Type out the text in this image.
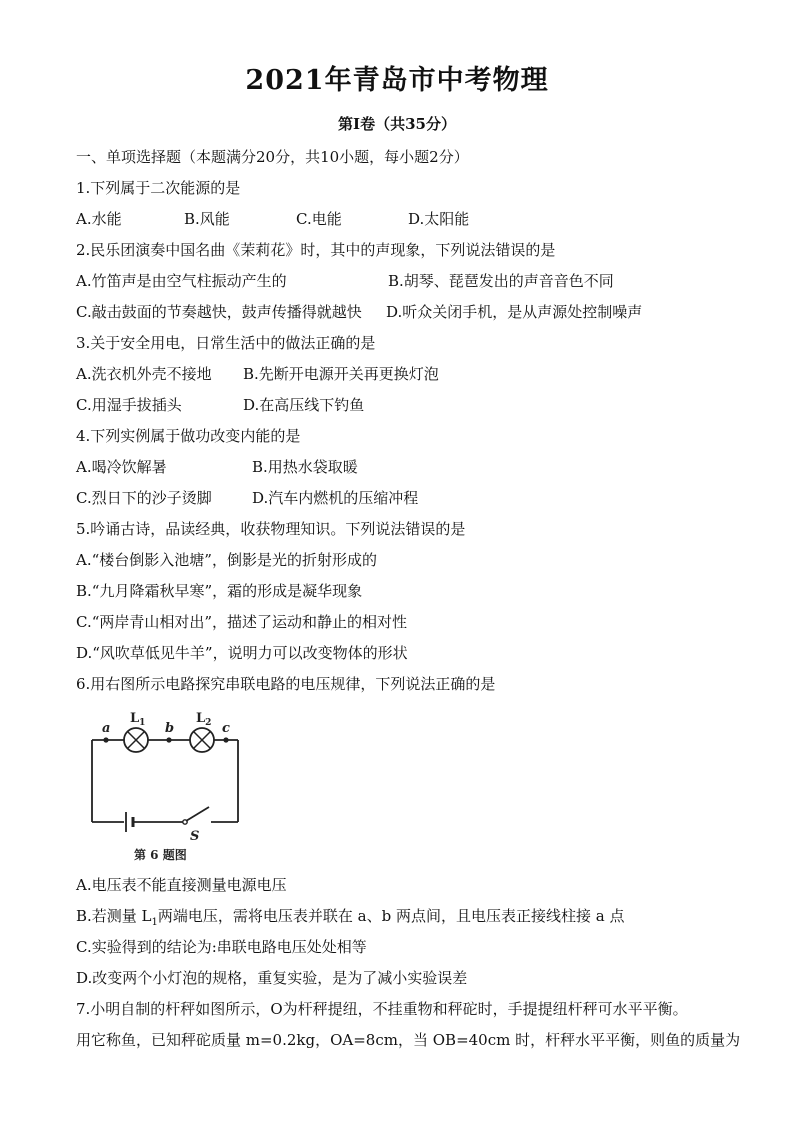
2021年青岛市中考物理
第I卷（共35分）
一、单项选择题（本题满分20分，共10小题，每小题2分）
1.下列属于二次能源的是
A.水能	B.风能	C.电能	D.太阳能
2.民乐团演奏中国名曲《茉莉花》时，其中的声现象，下列说法错误的是
A.竹笛声是由空气柱振动产生的	B.胡琴、琵琶发出的声音音色不同
C.敲击鼓面的节奏越快，鼓声传播得就越快 D.听众关闭手机，是从声源处控制噪声
3.关于安全用电，日常生活中的做法正确的是
A.洗衣机外壳不接地 B.先断开电源开关再更换灯泡
C.用湿手拔插头	D.在高压线下钓鱼
4.下列实例属于做功改变内能的是
A.喝冷饮解暑	B.用热水袋取暖
C.烈日下的沙子烫脚	D.汽车内燃机的压缩冲程
5.吟诵古诗，品读经典，收获物理知识。下列说法错误的是
A.“楼台倒影入池塘”，倒影是光的折射形成的
B.“九月降霜秋早寒”，霜的形成是凝华现象
C.“两岸青山相对出”，描述了运动和静止的相对性
D.“风吹草低见牛羊”，说明力可以改变物体的形状
6.用右图所示电路探究串联电路的电压规律，下列说法正确的是
$L_1$	$L_2$
a	b	c
S
第 6 题图
A.电压表不能直接测量电源电压
B.若测量 $L_1$两端电压，需将电压表并联在 a、b 两点间，且电压表正接线柱接 a 点
C.实验得到的结论为:串联电路电压处处相等
D.改变两个小灯泡的规格，重复实验，是为了减小实验误差
7.小明自制的杆秤如图所示，O为杆秤提纽，不挂重物和秤砣时，手提提纽杆秤可水平平衡。
用它称鱼，已知秤砣质量 m=0.2kg，OA=8cm，当 OB=40cm 时，杆秤水平平衡，则鱼的质量为
